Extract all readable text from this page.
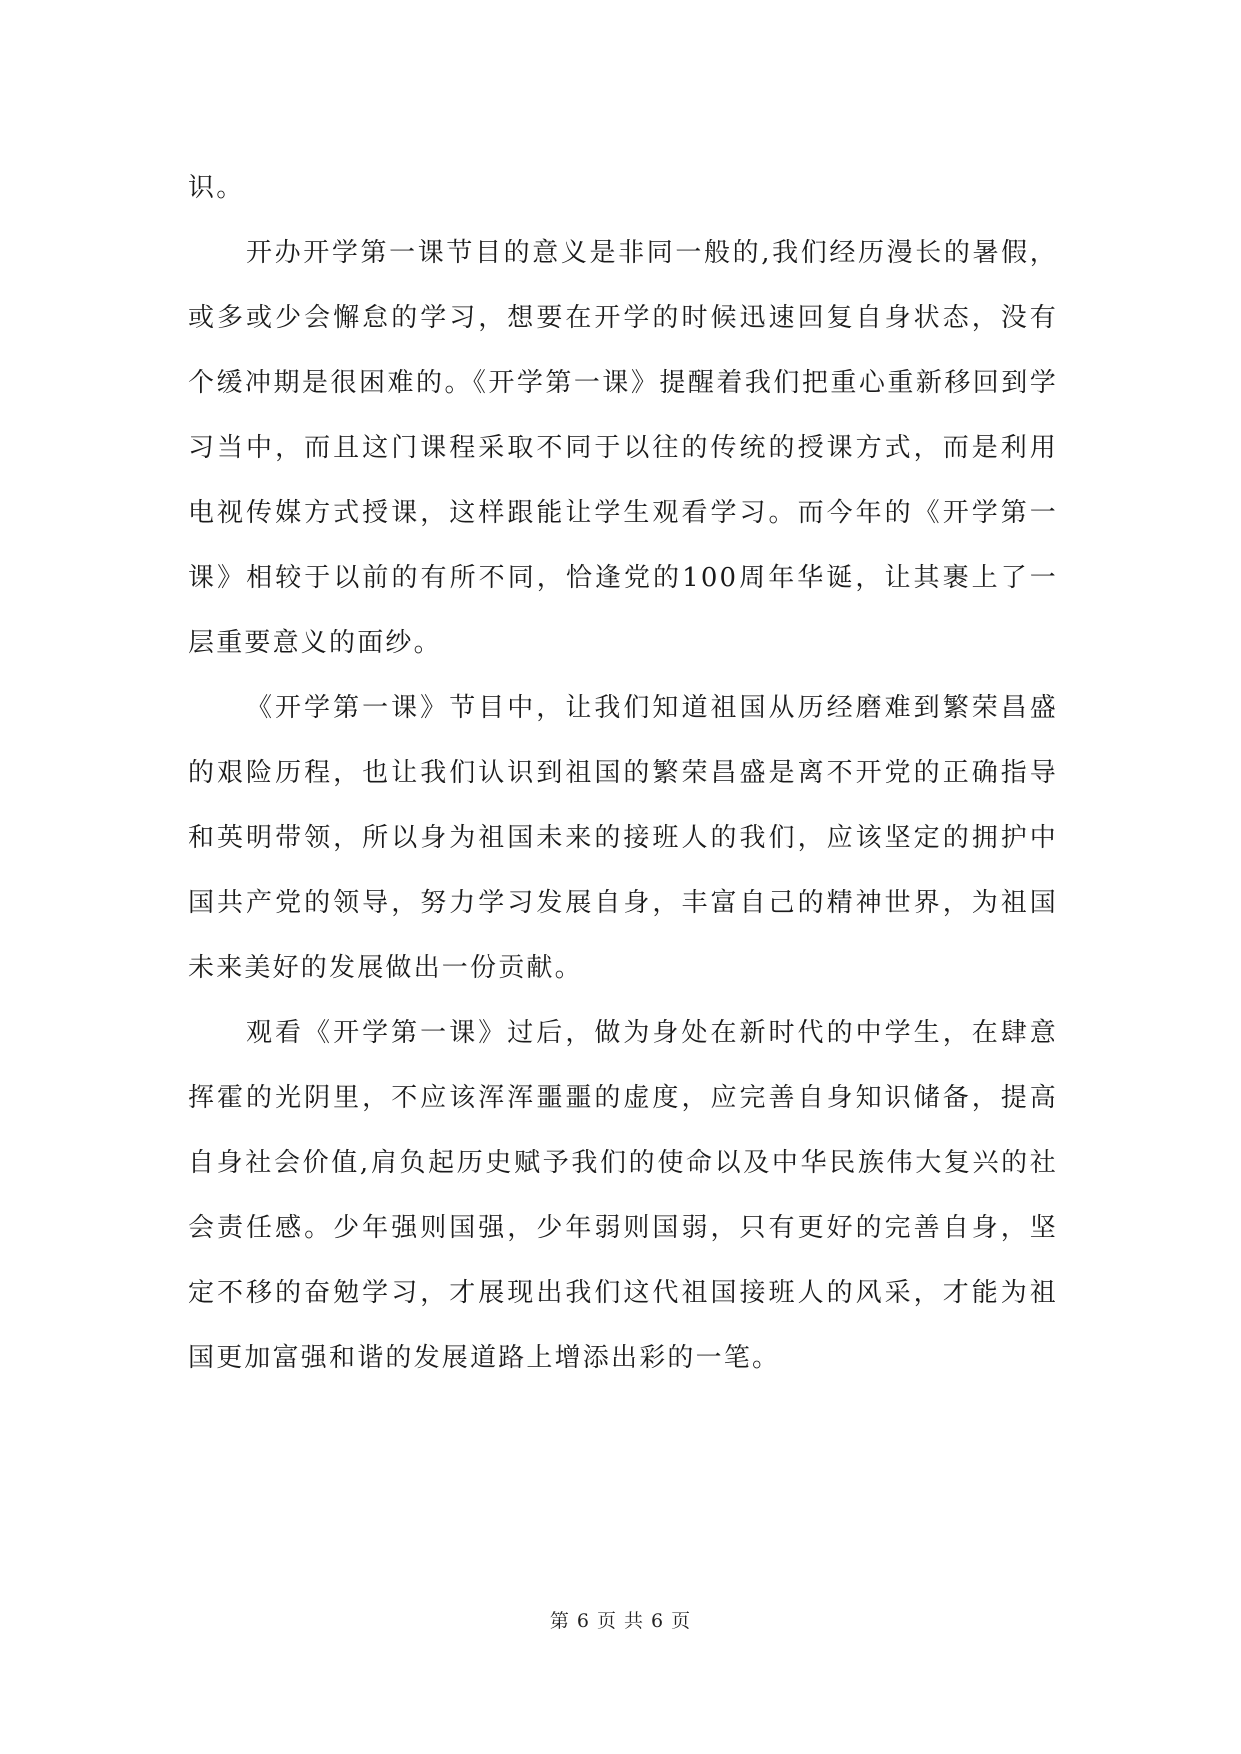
识。

开办开学第一课节目的意义是非同一般的,我们经历漫长的暑假，或多或少会懈怠的学习，想要在开学的时候迅速回复自身状态，没有个缓冲期是很困难的。《开学第一课》提醒着我们把重心重新移回到学习当中，而且这门课程采取不同于以往的传统的授课方式，而是利用电视传媒方式授课，这样跟能让学生观看学习。而今年的《开学第一课》相较于以前的有所不同，恰逢党的100周年华诞，让其裹上了一层重要意义的面纱。

《开学第一课》节目中，让我们知道祖国从历经磨难到繁荣昌盛的艰险历程，也让我们认识到祖国的繁荣昌盛是离不开党的正确指导和英明带领，所以身为祖国未来的接班人的我们，应该坚定的拥护中国共产党的领导，努力学习发展自身，丰富自己的精神世界，为祖国未来美好的发展做出一份贡献。

观看《开学第一课》过后，做为身处在新时代的中学生，在肆意挥霍的光阴里，不应该浑浑噩噩的虚度，应完善自身知识储备，提高自身社会价值,肩负起历史赋予我们的使命以及中华民族伟大复兴的社会责任感。少年强则国强，少年弱则国弱，只有更好的完善自身，坚定不移的奋勉学习，才展现出我们这代祖国接班人的风采，才能为祖国更加富强和谐的发展道路上增添出彩的一笔。

第 6 页 共 6 页
